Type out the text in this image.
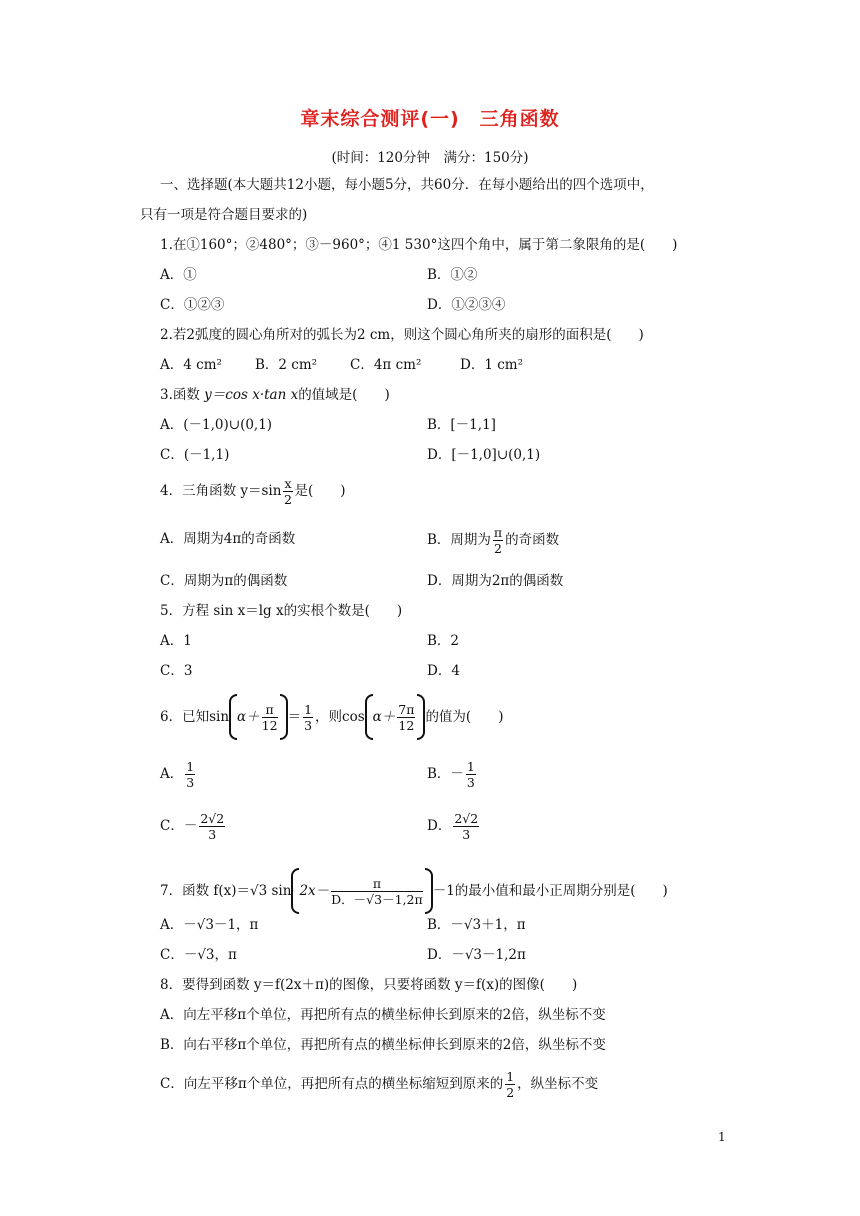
章末综合测评(一)　三角函数
(时间：120分钟　满分：150分)
一、选择题(本大题共12小题，每小题5分，共60分．在每小题给出的四个选项中，
只有一项是符合题目要求的)
1.在①160°；②480°；③－960°；④1 530°这四个角中，属于第二象限角的是(　　)
A．①	B．①②
C．①②③	D．①②③④
2.若2弧度的圆心角所对的弧长为2 cm，则这个圆心角所夹的扇形的面积是(　　)
A．4 cm² B．2 cm² C．4π cm²	D．1 cm²
3.函数 y＝cos x·tan x的值域是(　　)
A．(－1,0)∪(0,1)	B．[－1,1]
C．(－1,1)	D．[－1,0]∪(0,1)
4．三角函数 $y=\sin \frac{x}{2}$ 是(　　)
A．周期为4π的奇函数	B．周期为 $\frac{\pi}{2}$ 的奇函数
C．周期为π的偶函数	D．周期为2π的偶函数
5．方程 sin x＝lg x的实根个数是(　　)
A．1	B．2
C．3	D．4
6．已知$\sin \alpha+ \frac{\pi}{12} = \frac{1}{3}$ ，则$\cos \alpha+ \frac{7\pi}{12}$ 的值为(　　)
A． $\frac{1}{3}$	B．－ $\frac{1}{3}$
C．－ $\frac{2√2}{3}$	D． $\frac{2√2}{3}$
7．函数 f(x)＝√3 $\sin 2x- \frac{\pi}{D.-√3-1,2\pi} -1$的最小值和最小正周期分别是(　　)
A．－√3－1，π	B．－√3＋1，π
C．－√3，π	D．－√3－1,2π
8．要得到函数 y＝f(2x＋π)的图像，只要将函数 y＝f(x)的图像(　　)
A．向左平移π个单位，再把所有点的横坐标伸长到原来的2倍，纵坐标不变
B．向右平移π个单位，再把所有点的横坐标伸长到原来的2倍，纵坐标不变
C．向左平移π个单位，再把所有点的横坐标缩短到原来的 $\frac{1}{2}$ ，纵坐标不变
1
